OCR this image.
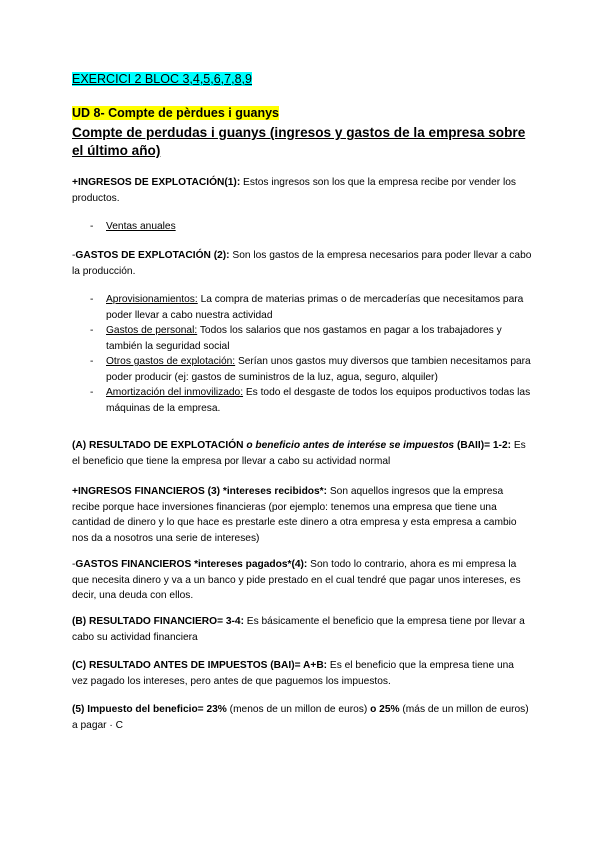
EXERCICI 2 BLOC 3,4,5,6,7,8,9
UD 8- Compte de pèrdues i guanys
Compte de perdudas i guanys (ingresos y gastos de la empresa sobre el último año)
+INGRESOS DE EXPLOTACIÓN(1): Estos ingresos son los que la empresa recibe por vender los productos.
- Ventas anuales
-GASTOS DE EXPLOTACIÓN (2): Son los gastos de la empresa necesarios para poder llevar a cabo la producción.
- Aprovisionamientos: La compra de materias primas o de mercaderías que necesitamos para poder llevar a cabo nuestra actividad
- Gastos de personal: Todos los salarios que nos gastamos en pagar a los trabajadores y también la seguridad social
- Otros gastos de explotación: Serían unos gastos muy diversos que tambien necesitamos para poder producir (ej: gastos de suministros de la luz, agua, seguro, alquiler)
- Amortización del inmovilizado: Es todo el desgaste de todos los equipos productivos todas las máquinas de la empresa.
(A) RESULTADO DE EXPLOTACIÓN o beneficio antes de interése se impuestos (BAII)= 1-2: Es el beneficio que tiene la empresa por llevar a cabo su actividad normal
+INGRESOS FINANCIEROS (3) *intereses recibidos*: Son aquellos ingresos que la empresa recibe porque hace inversiones financieras (por ejemplo: tenemos una empresa que tiene una cantidad de dinero y lo que hace es prestarle este dinero a otra empresa y esta empresa a cambio nos da a nosotros una serie de intereses)
-GASTOS FINANCIEROS *intereses pagados*(4): Son todo lo contrario, ahora es mi empresa la que necesita dinero y va a un banco y pide prestado en el cual tendré que pagar unos intereses, es decir, una deuda con ellos.
(B) RESULTADO FINANCIERO= 3-4: Es básicamente el beneficio que la empresa tiene por llevar a cabo su actividad financiera
(C) RESULTADO ANTES DE IMPUESTOS (BAI)= A+B: Es el beneficio que la empresa tiene una vez pagado los intereses, pero antes de que paguemos los impuestos.
(5) Impuesto del beneficio= 23% (menos de un millon de euros) o 25% (más de un millon de euros) a pagar · C
